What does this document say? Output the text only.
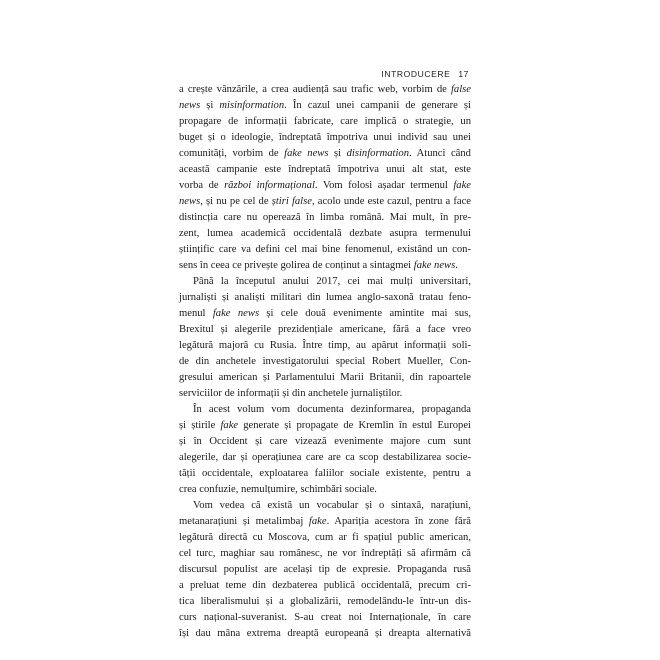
INTRODUCERE 17
a crește vânzările, a crea audiență sau trafic web, vorbim de false
news și misinformation. În cazul unei campanii de generare și
propagare de informații fabricate, care implică o strategie, un
buget și o ideologie, îndreptată împotriva unui individ sau unei
comunități, vorbim de fake news și disinformation. Atunci când
această campanie este îndreptată împotriva unui alt stat, este
vorba de război informațional. Vom folosi așadar termenul fake
news, și nu pe cel de știri false, acolo unde este cazul, pentru a face
distincția care nu operează în limba română. Mai mult, în pre-
zent, lumea academică occidentală dezbate asupra termenului
științific care va defini cel mai bine fenomenul, existând un con-
sens în ceea ce privește golirea de conținut a sintagmei fake news.
Până la începutul anului 2017, cei mai mulți universitari,
jurnaliști și analiști militari din lumea anglo-saxonă tratau feno-
menul fake news și cele două evenimente amintite mai sus,
Brexitul și alegerile prezidențiale americane, fără a face vreo
legătură majoră cu Rusia. Între timp, au apărut informații soli-
de din anchetele investigatorului special Robert Mueller, Con-
gresului american și Parlamentului Marii Britanii, din rapoartele
serviciilor de informații și din anchetele jurnaliștilor.
În acest volum vom documenta dezinformarea, propaganda
și știrile fake generate și propagate de Kremlin în estul Europei
și în Occident și care vizează evenimente majore cum sunt
alegerile, dar și operațiunea care are ca scop destabilizarea socie-
tății occidentale, exploatarea faliilor sociale existente, pentru a
crea confuzie, nemulțumire, schimbări sociale.
Vom vedea că există un vocabular și o sintaxă, narațiuni,
metanarațiuni și metalimbaj fake. Apariția acestora în zone fără
legătură directă cu Moscova, cum ar fi spațiul public american,
cel turc, maghiar sau românesc, ne vor îndreptăți să afirmăm că
discursul populist are același tip de expresie. Propaganda rusă
a preluat teme din dezbaterea publică occidentală, precum cri-
tica liberalismului și a globalizării, remodelându-le într-un dis-
curs național-suveranist. S-au creat noi Internaționale, în care
își dau mâna extrema dreaptă europeană și dreapta alternativă
